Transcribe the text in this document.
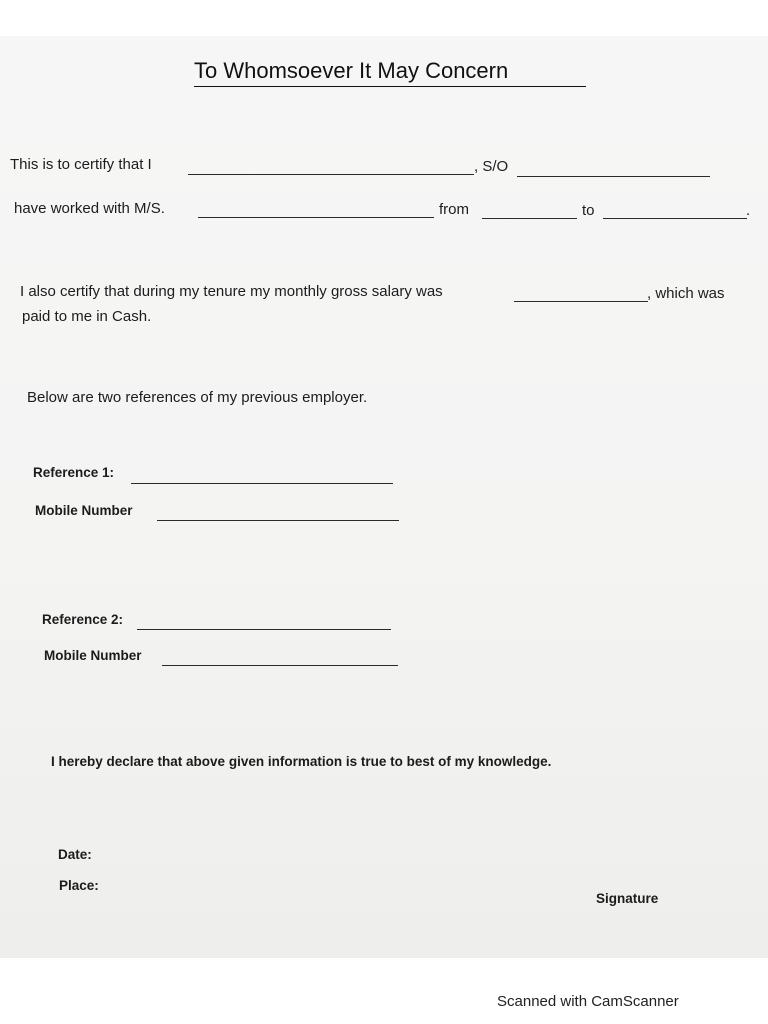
To Whomsoever It May Concern
This is to certify that I	, S/O
have worked with M/S.	from	to	.
I also certify that during my tenure my monthly gross salary was	, which was
paid to me in Cash.
Below are two references of my previous employer.
Reference 1:
Mobile Number
Reference 2:
Mobile Number
I hereby declare that above given information is true to best of my knowledge.
Date:
Place:
Signature
Scanned with CamScanner
